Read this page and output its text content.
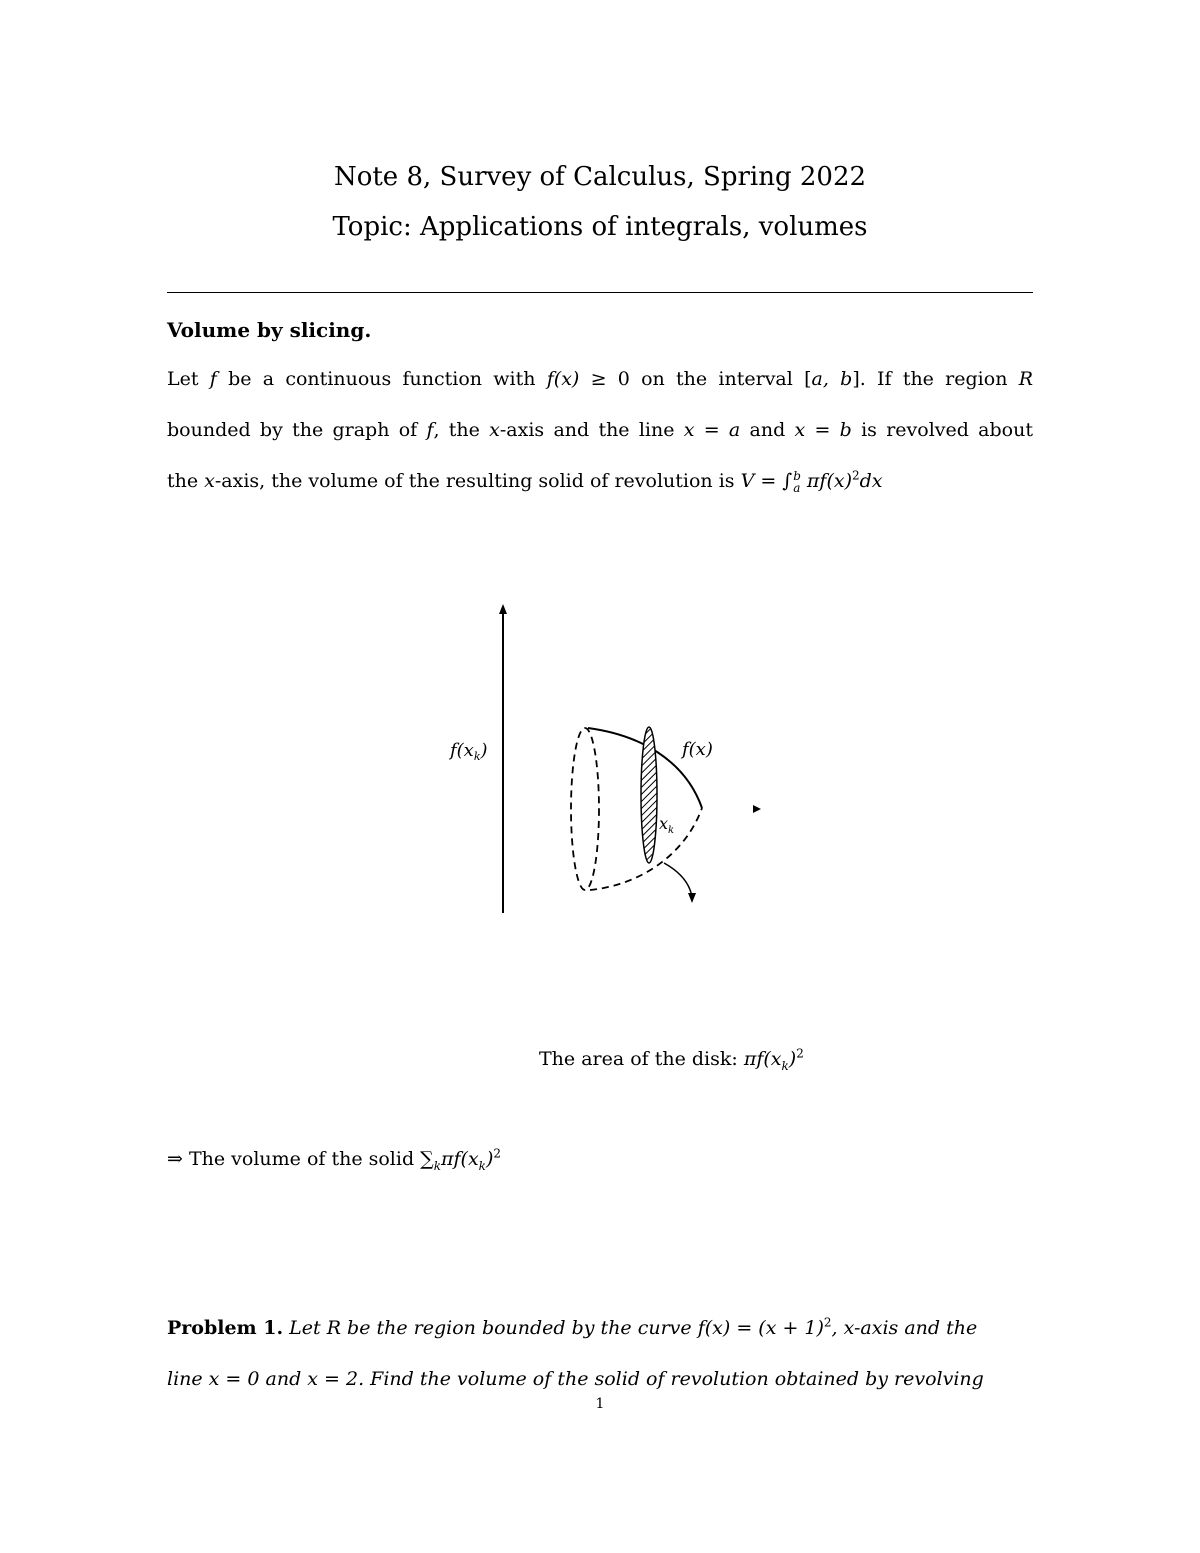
Note 8, Survey of Calculus, Spring 2022
Topic: Applications of integrals, volumes
Volume by slicing.
Let f be a continuous function with f(x) ≥ 0 on the interval [a, b]. If the region R
bounded by the graph of f, the x-axis and the line x = a and x = b is revolved about
the x-axis, the volume of the resulting solid of revolution is V = ∫ b
a $\pi f(x)^2dx$
$f(x_k)$	f(x)
$x_k$
The area of the disk: $\pi f(x_k)^2$
⇒ The volume of the solid $\sum_k\pi f(x_k)^2$
Problem 1. Let R be the region bounded by the curve $f(x) = (x + 1)^2$, x-axis and the
line x = 0 and x = 2. Find the volume of the solid of revolution obtained by revolving
1
